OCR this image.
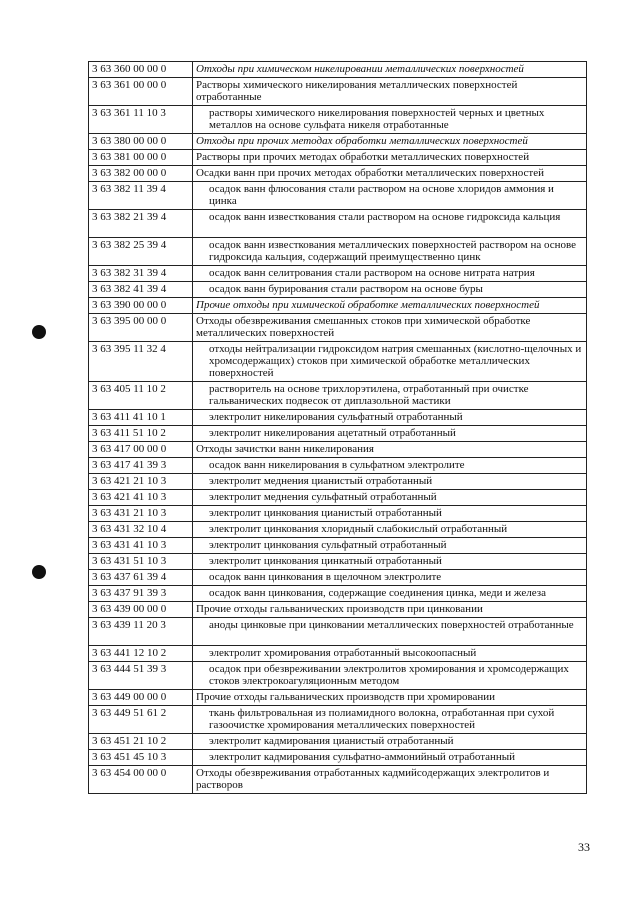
3 63 360 00 00 0	Отходы при химическом никелировании металлических поверхностей
3 63 361 00 00 0	Растворы химического никелирования металлических поверхностей отработанные
3 63 361 11 10 3	растворы химического никелирования поверхностей черных и цветных металлов на основе сульфата никеля отработанные
3 63 380 00 00 0	Отходы при прочих методах обработки металлических поверхностей
3 63 381 00 00 0	Растворы при прочих методах обработки металлических поверхностей
3 63 382 00 00 0	Осадки ванн при прочих методах обработки металлических поверхностей
3 63 382 11 39 4	осадок ванн флюсования стали раствором на основе хлоридов аммония и цинка
3 63 382 21 39 4	осадок ванн известкования стали раствором на основе гидроксида кальция
3 63 382 25 39 4	осадок ванн известкования металлических поверхностей раствором на основе гидроксида кальция, содержащий преимущественно цинк
3 63 382 31 39 4	осадок ванн селитрования стали раствором на основе нитрата натрия
3 63 382 41 39 4	осадок ванн бурирования стали раствором на основе буры
3 63 390 00 00 0	Прочие отходы при химической обработке металлических поверхностей
3 63 395 00 00 0	Отходы обезвреживания смешанных стоков при химической обработке металлических поверхностей
3 63 395 11 32 4	отходы нейтрализации гидроксидом натрия смешанных (кислотно-щелочных и хромсодержащих) стоков при химической обработке металлических поверхностей
3 63 405 11 10 2	растворитель на основе трихлорэтилена, отработанный при очистке гальванических подвесок от диплазольной мастики
3 63 411 41 10 1	электролит никелирования сульфатный отработанный
3 63 411 51 10 2	электролит никелирования ацетатный отработанный
3 63 417 00 00 0	Отходы зачистки ванн никелирования
3 63 417 41 39 3	осадок ванн никелирования в сульфатном электролите
3 63 421 21 10 3	электролит меднения цианистый отработанный
3 63 421 41 10 3	электролит меднения сульфатный отработанный
3 63 431 21 10 3	электролит цинкования цианистый отработанный
3 63 431 32 10 4	электролит цинкования хлоридный слабокислый отработанный
3 63 431 41 10 3	электролит цинкования сульфатный отработанный
3 63 431 51 10 3	электролит цинкования цинкатный отработанный
3 63 437 61 39 4	осадок ванн цинкования в щелочном электролите
3 63 437 91 39 3	осадок ванн цинкования, содержащие соединения цинка, меди и железа
3 63 439 00 00 0	Прочие отходы гальванических производств при цинковании
3 63 439 11 20 3	аноды цинковые при цинковании металлических поверхностей отработанные
3 63 441 12 10 2	электролит хромирования отработанный высокоопасный
3 63 444 51 39 3	осадок при обезвреживании электролитов хромирования и хромсодержащих стоков электрокоагуляционным методом
3 63 449 00 00 0	Прочие отходы гальванических производств при хромировании
3 63 449 51 61 2	ткань фильтровальная из полиамидного волокна, отработанная при сухой газоочистке хромирования металлических поверхностей
3 63 451 21 10 2	электролит кадмирования цианистый отработанный
3 63 451 45 10 3	электролит кадмирования сульфатно-аммонийный отработанный
3 63 454 00 00 0	Отходы обезвреживания отработанных кадмийсодержащих электролитов и растворов
33
